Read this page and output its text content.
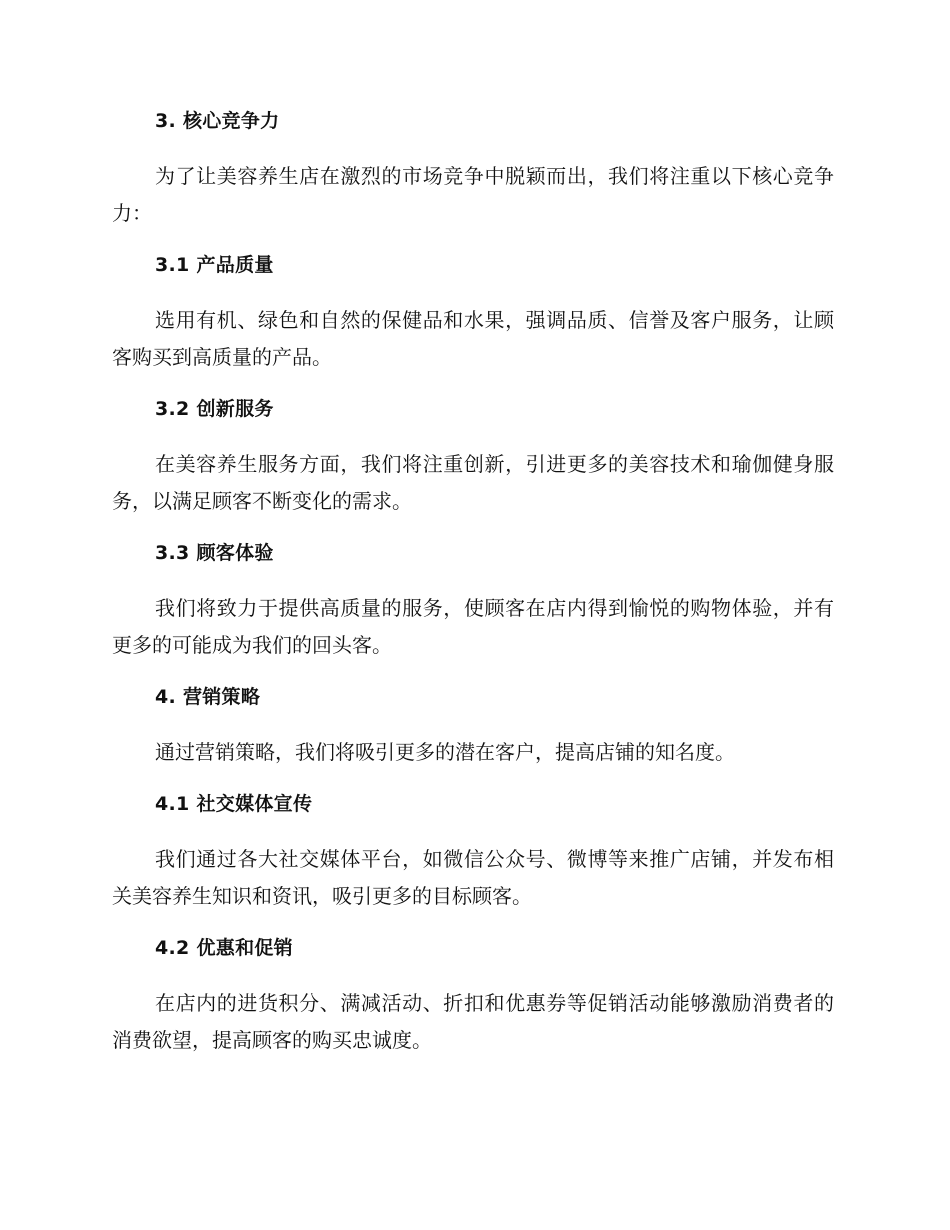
3. 核心竞争力
为了让美容养生店在激烈的市场竞争中脱颖而出，我们将注重以下核心竞争力：
3.1 产品质量
选用有机、绿色和自然的保健品和水果，强调品质、信誉及客户服务，让顾客购买到高质量的产品。
3.2 创新服务
在美容养生服务方面，我们将注重创新，引进更多的美容技术和瑜伽健身服务，以满足顾客不断变化的需求。
3.3 顾客体验
我们将致力于提供高质量的服务，使顾客在店内得到愉悦的购物体验，并有更多的可能成为我们的回头客。
4. 营销策略
通过营销策略，我们将吸引更多的潜在客户，提高店铺的知名度。
4.1 社交媒体宣传
我们通过各大社交媒体平台，如微信公众号、微博等来推广店铺，并发布相关美容养生知识和资讯，吸引更多的目标顾客。
4.2 优惠和促销
在店内的进货积分、满减活动、折扣和优惠券等促销活动能够激励消费者的消费欲望，提高顾客的购买忠诚度。
